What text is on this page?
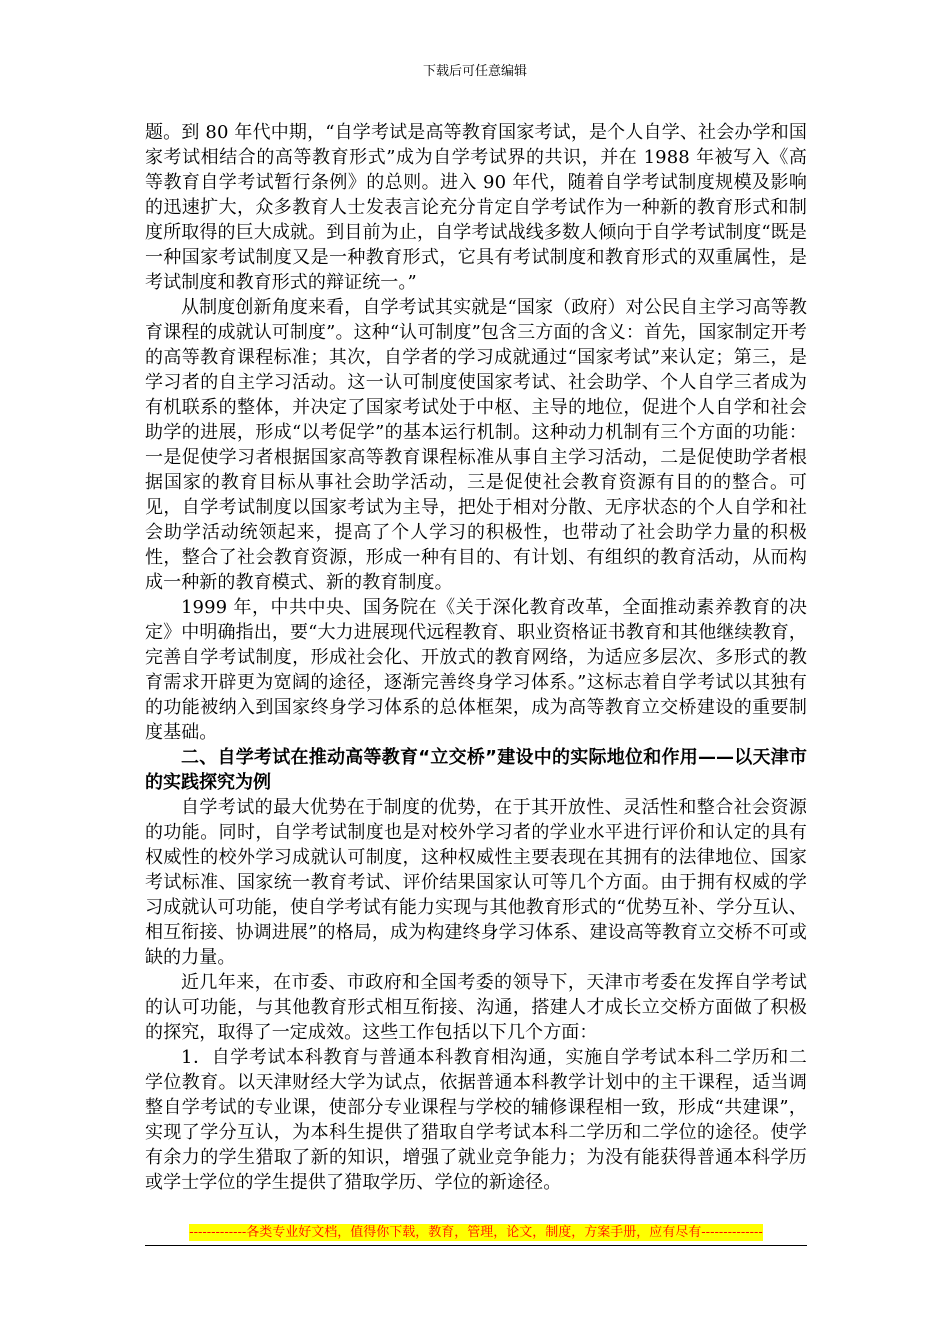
下载后可任意编辑

题。到 80 年代中期，“自学考试是高等教育国家考试，是个人自学、社会办学和国家考试相结合的高等教育形式”成为自学考试界的共识，并在 1988 年被写入《高等教育自学考试暂行条例》的总则。进入 90 年代，随着自学考试制度规模及影响的迅速扩大，众多教育人士发表言论充分肯定自学考试作为一种新的教育形式和制度所取得的巨大成就。到目前为止，自学考试战线多数人倾向于自学考试制度“既是一种国家考试制度又是一种教育形式，它具有考试制度和教育形式的双重属性，是考试制度和教育形式的辩证统一。”

从制度创新角度来看，自学考试其实就是“国家（政府）对公民自主学习高等教育课程的成就认可制度”。这种“认可制度”包含三方面的含义：首先，国家制定开考的高等教育课程标准；其次，自学者的学习成就通过“国家考试”来认定；第三，是学习者的自主学习活动。这一认可制度使国家考试、社会助学、个人自学三者成为有机联系的整体，并决定了国家考试处于中枢、主导的地位，促进个人自学和社会助学的进展，形成“以考促学”的基本运行机制。这种动力机制有三个方面的功能：一是促使学习者根据国家高等教育课程标准从事自主学习活动，二是促使助学者根据国家的教育目标从事社会助学活动，三是促使社会教育资源有目的的整合。可见，自学考试制度以国家考试为主导，把处于相对分散、无序状态的个人自学和社会助学活动统领起来，提高了个人学习的积极性，也带动了社会助学力量的积极性，整合了社会教育资源，形成一种有目的、有计划、有组织的教育活动，从而构成一种新的教育模式、新的教育制度。

1999 年，中共中央、国务院在《关于深化教育改革，全面推动素养教育的决定》中明确指出，要“大力进展现代远程教育、职业资格证书教育和其他继续教育，完善自学考试制度，形成社会化、开放式的教育网络，为适应多层次、多形式的教育需求开辟更为宽阔的途径，逐渐完善终身学习体系。”这标志着自学考试以其独有的功能被纳入到国家终身学习体系的总体框架，成为高等教育立交桥建设的重要制度基础。

二、自学考试在推动高等教育“立交桥”建设中的实际地位和作用——以天津市的实践探究为例

自学考试的最大优势在于制度的优势，在于其开放性、灵活性和整合社会资源的功能。同时，自学考试制度也是对校外学习者的学业水平进行评价和认定的具有权威性的校外学习成就认可制度，这种权威性主要表现在其拥有的法律地位、国家考试标准、国家统一教育考试、评价结果国家认可等几个方面。由于拥有权威的学习成就认可功能，使自学考试有能力实现与其他教育形式的“优势互补、学分互认、相互衔接、协调进展”的格局，成为构建终身学习体系、建设高等教育立交桥不可或缺的力量。

近几年来，在市委、市政府和全国考委的领导下，天津市考委在发挥自学考试的认可功能，与其他教育形式相互衔接、沟通，搭建人才成长立交桥方面做了积极的探究，取得了一定成效。这些工作包括以下几个方面：

1．自学考试本科教育与普通本科教育相沟通，实施自学考试本科二学历和二学位教育。以天津财经大学为试点，依据普通本科教学计划中的主干课程，适当调整自学考试的专业课，使部分专业课程与学校的辅修课程相一致，形成“共建课”，实现了学分互认，为本科生提供了猎取自学考试本科二学历和二学位的途径。使学有余力的学生猎取了新的知识，增强了就业竞争能力；为没有能获得普通本科学历或学士学位的学生提供了猎取学历、学位的新途径。

-------------各类专业好文档，值得你下载，教育，管理，论文，制度，方案手册，应有尽有--------------
